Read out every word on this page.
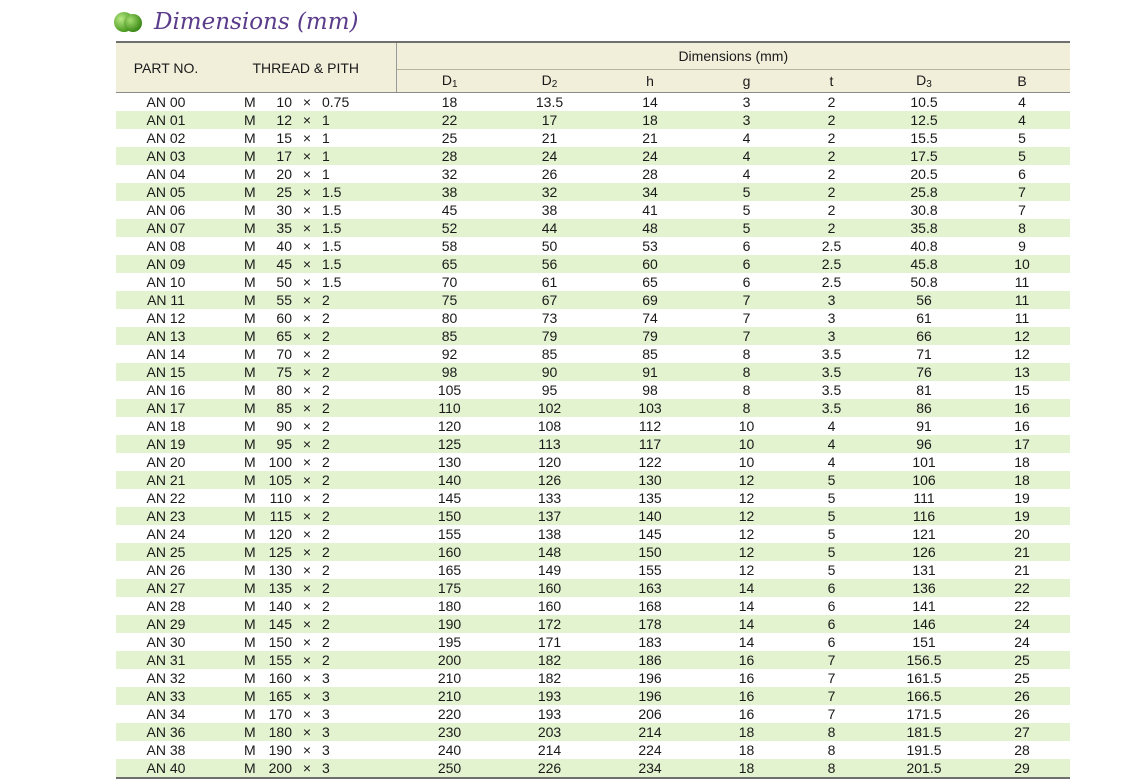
Dimensions (mm)
PART NO.	THREAD & PITH	Dimensions (mm)						
		$D_1$	$D_2$	h	g	t	$D_3$	B
AN 00	M 10 × 0.75	18	13.5	14	3	2	10.5	4
AN 01	M 12 × 1	22	17	18	3	2	12.5	4
AN 02	M 15 × 1	25	21	21	4	2	15.5	5
AN 03	M 17 × 1	28	24	24	4	2	17.5	5
AN 04	M 20 × 1	32	26	28	4	2	20.5	6
AN 05	M 25 × 1.5	38	32	34	5	2	25.8	7
AN 06	M 30 × 1.5	45	38	41	5	2	30.8	7
AN 07	M 35 × 1.5	52	44	48	5	2	35.8	8
AN 08	M 40 × 1.5	58	50	53	6	2.5	40.8	9
AN 09	M 45 × 1.5	65	56	60	6	2.5	45.8	10
AN 10	M 50 × 1.5	70	61	65	6	2.5	50.8	11
AN 11	M 55 × 2	75	67	69	7	3	56	11
AN 12	M 60 × 2	80	73	74	7	3	61	11
AN 13	M 65 × 2	85	79	79	7	3	66	12
AN 14	M 70 × 2	92	85	85	8	3.5	71	12
AN 15	M 75 × 2	98	90	91	8	3.5	76	13
AN 16	M 80 × 2	105	95	98	8	3.5	81	15
AN 17	M 85 × 2	110	102	103	8	3.5	86	16
AN 18	M 90 × 2	120	108	112	10	4	91	16
AN 19	M 95 × 2	125	113	117	10	4	96	17
AN 20	M 100 × 2	130	120	122	10	4	101	18
AN 21	M 105 × 2	140	126	130	12	5	106	18
AN 22	M 110 × 2	145	133	135	12	5	111	19
AN 23	M 115 × 2	150	137	140	12	5	116	19
AN 24	M 120 × 2	155	138	145	12	5	121	20
AN 25	M 125 × 2	160	148	150	12	5	126	21
AN 26	M 130 × 2	165	149	155	12	5	131	21
AN 27	M 135 × 2	175	160	163	14	6	136	22
AN 28	M 140 × 2	180	160	168	14	6	141	22
AN 29	M 145 × 2	190	172	178	14	6	146	24
AN 30	M 150 × 2	195	171	183	14	6	151	24
AN 31	M 155 × 2	200	182	186	16	7	156.5	25
AN 32	M 160 × 3	210	182	196	16	7	161.5	25
AN 33	M 165 × 3	210	193	196	16	7	166.5	26
AN 34	M 170 × 3	220	193	206	16	7	171.5	26
AN 36	M 180 × 3	230	203	214	18	8	181.5	27
AN 38	M 190 × 3	240	214	224	18	8	191.5	28
AN 40	M 200 × 3	250	226	234	18	8	201.5	29
